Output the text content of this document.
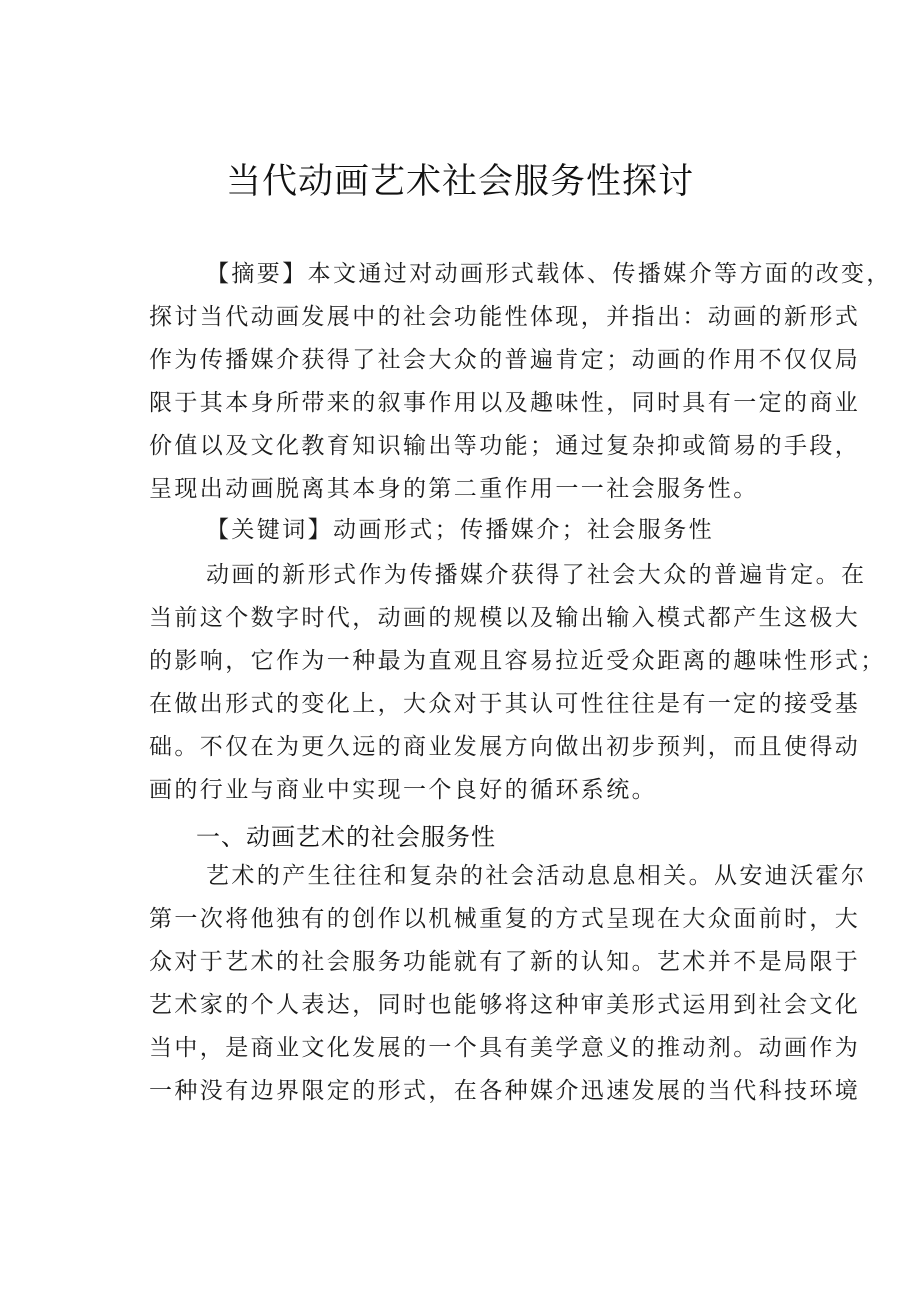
当代动画艺术社会服务性探讨
【摘要】本文通过对动画形式载体、传播媒介等方面的改变，
探讨当代动画发展中的社会功能性体现，并指出：动画的新形式
作为传播媒介获得了社会大众的普遍肯定；动画的作用不仅仅局
限于其本身所带来的叙事作用以及趣味性，同时具有一定的商业
价值以及文化教育知识输出等功能；通过复杂抑或简易的手段，
呈现出动画脱离其本身的第二重作用一一社会服务性。
【关键词】动画形式；传播媒介；社会服务性
动画的新形式作为传播媒介获得了社会大众的普遍肯定。在
当前这个数字时代，动画的规模以及输出输入模式都产生这极大
的影响，它作为一种最为直观且容易拉近受众距离的趣味性形式；
在做出形式的变化上，大众对于其认可性往往是有一定的接受基
础。不仅在为更久远的商业发展方向做出初步预判，而且使得动
画的行业与商业中实现一个良好的循环系统。
一、动画艺术的社会服务性
艺术的产生往往和复杂的社会活动息息相关。从安迪沃霍尔
第一次将他独有的创作以机械重复的方式呈现在大众面前时，大
众对于艺术的社会服务功能就有了新的认知。艺术并不是局限于
艺术家的个人表达，同时也能够将这种审美形式运用到社会文化
当中，是商业文化发展的一个具有美学意义的推动剂。动画作为
一种没有边界限定的形式，在各种媒介迅速发展的当代科技环境
